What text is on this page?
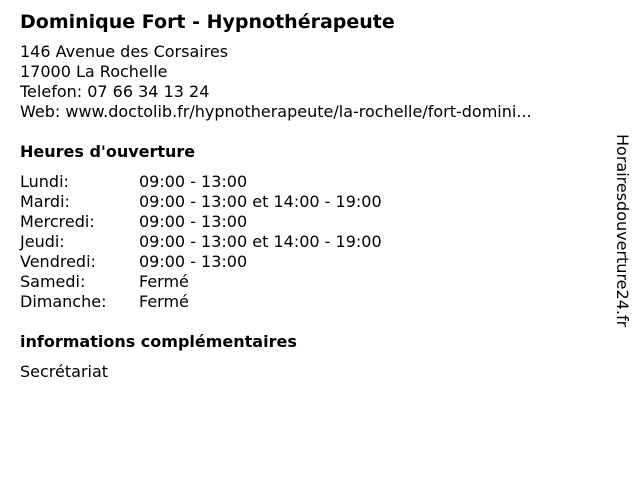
Dominique Fort - Hypnothérapeute
146 Avenue des Corsaires
17000 La Rochelle
Telefon: 07 66 34 13 24
Web: www.doctolib.fr/hypnotherapeute/la-rochelle/fort-domini...
Heures d'ouverture
Lundi:	09:00 - 13:00
Mardi:	09:00 - 13:00 et 14:00 - 19:00
Mercredi:	09:00 - 13:00
Jeudi:	09:00 - 13:00 et 14:00 - 19:00
Vendredi:	09:00 - 13:00
Samedi:	Fermé
Dimanche:	Fermé
informations complémentaires
Secrétariat
Horairesdouverture24.fr
